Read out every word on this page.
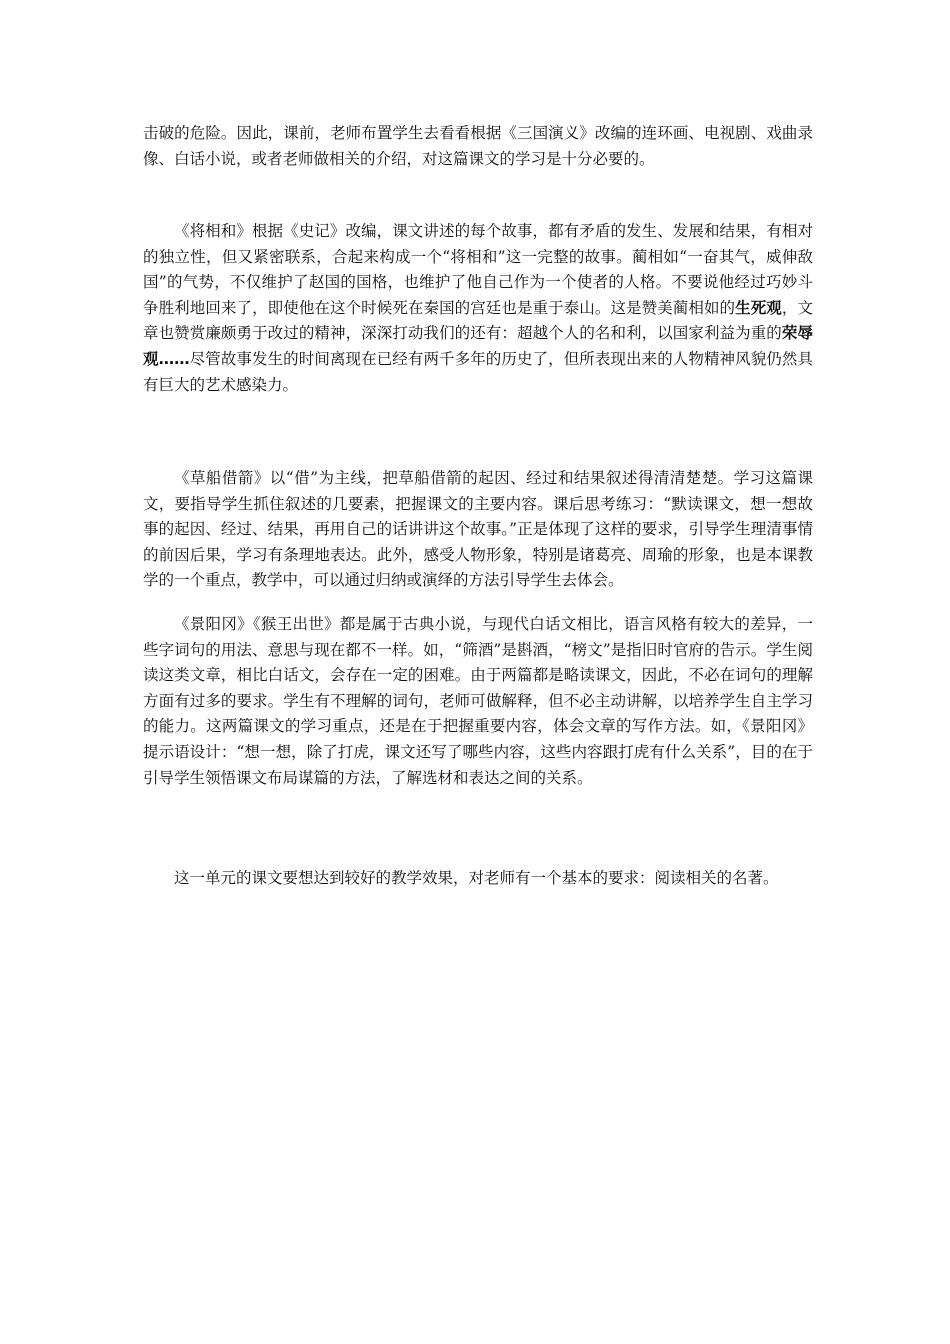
击破的危险。因此，课前，老师布置学生去看看根据《三国演义》改编的连环画、电视剧、戏曲录像、白话小说，或者老师做相关的介绍，对这篇课文的学习是十分必要的。

《将相和》根据《史记》改编，课文讲述的每个故事，都有矛盾的发生、发展和结果，有相对的独立性，但又紧密联系，合起来构成一个“将相和”这一完整的故事。蔺相如“一奋其气，威伸敌国”的气势，不仅维护了赵国的国格，也维护了他自己作为一个使者的人格。不要说他经过巧妙斗争胜利地回来了，即使他在这个时候死在秦国的宫廷也是重于泰山。这是赞美蔺相如的生死观，文章也赞赏廉颇勇于改过的精神，深深打动我们的还有：超越个人的名和利，以国家利益为重的荣辱观……尽管故事发生的时间离现在已经有两千多年的历史了，但所表现出来的人物精神风貌仍然具有巨大的艺术感染力。

《草船借箭》以“借”为主线，把草船借箭的起因、经过和结果叙述得清清楚楚。学习这篇课文，要指导学生抓住叙述的几要素，把握课文的主要内容。课后思考练习：“默读课文，想一想故事的起因、经过、结果，再用自己的话讲讲这个故事。”正是体现了这样的要求，引导学生理清事情的前因后果，学习有条理地表达。此外，感受人物形象，特别是诸葛亮、周瑜的形象，也是本课教学的一个重点，教学中，可以通过归纳或演绎的方法引导学生去体会。

《景阳冈》《猴王出世》都是属于古典小说，与现代白话文相比，语言风格有较大的差异，一些字词句的用法、意思与现在都不一样。如，“筛酒”是斟酒，“榜文”是指旧时官府的告示。学生阅读这类文章，相比白话文，会存在一定的困难。由于两篇都是略读课文，因此，不必在词句的理解方面有过多的要求。学生有不理解的词句，老师可做解释，但不必主动讲解，以培养学生自主学习的能力。这两篇课文的学习重点，还是在于把握重要内容，体会文章的写作方法。如，《景阳冈》提示语设计：“想一想，除了打虎，课文还写了哪些内容，这些内容跟打虎有什么关系”，目的在于引导学生领悟课文布局谋篇的方法，了解选材和表达之间的关系。

这一单元的课文要想达到较好的教学效果，对老师有一个基本的要求：阅读相关的名著。
